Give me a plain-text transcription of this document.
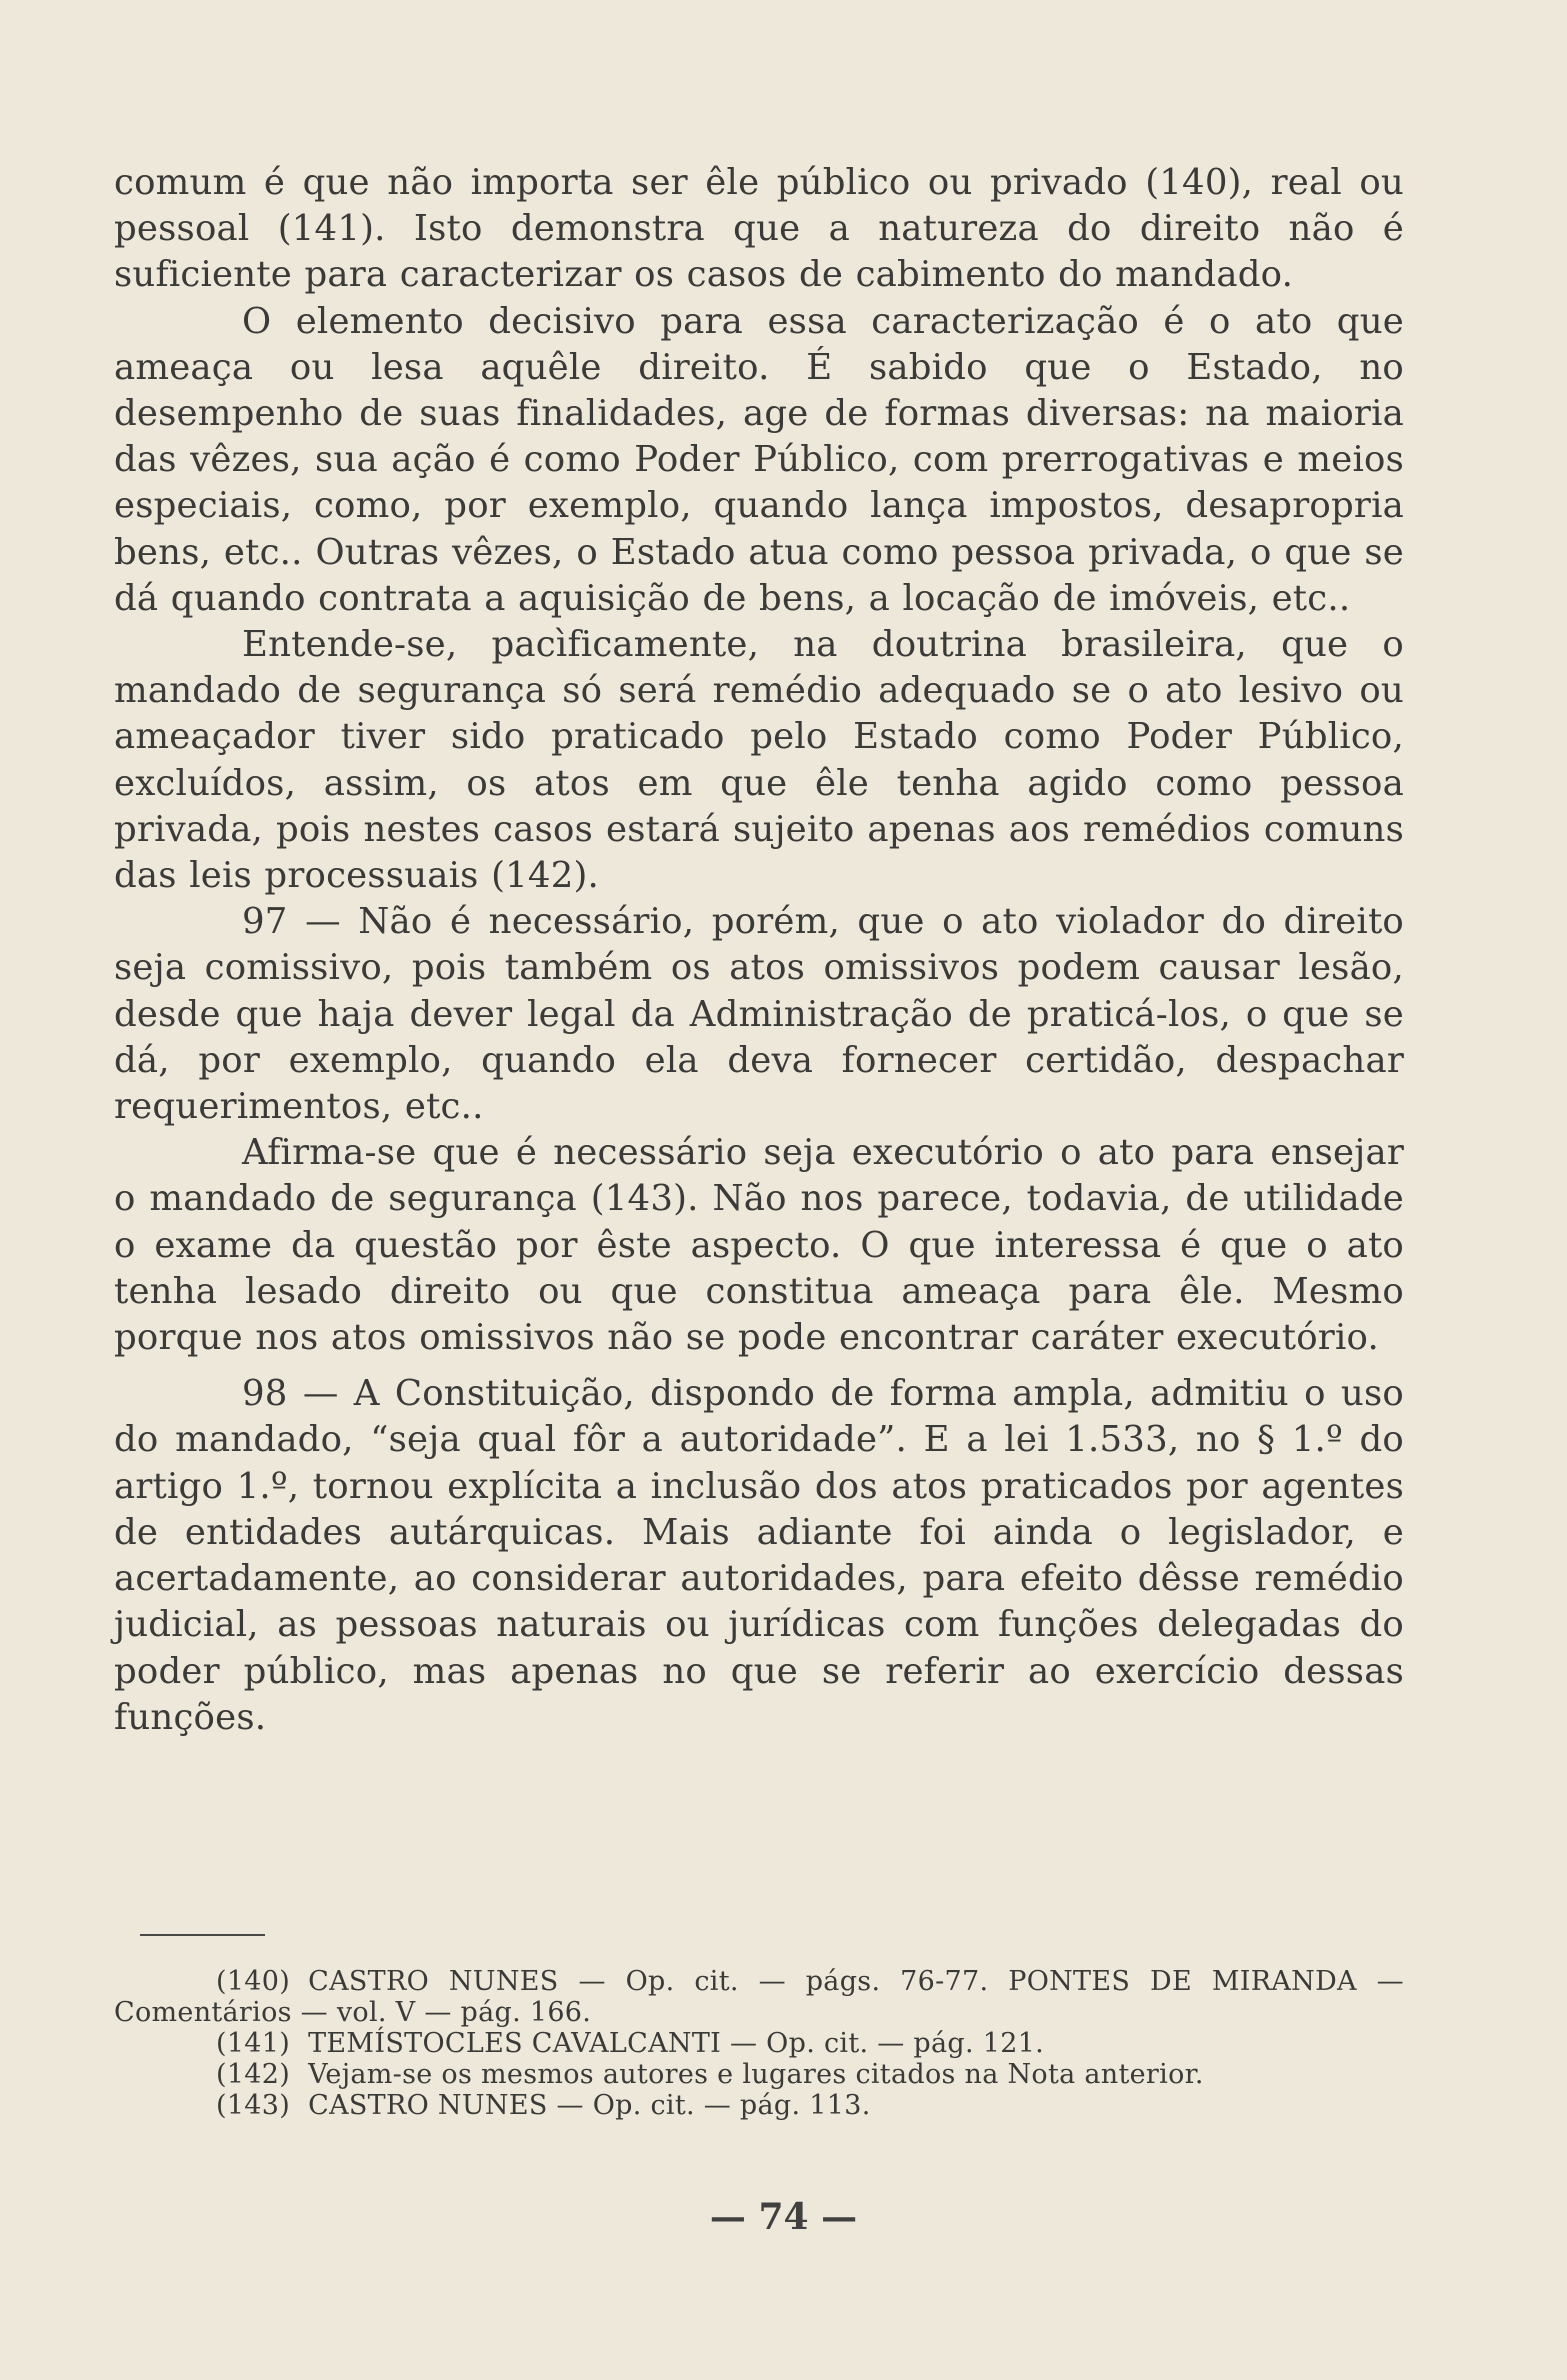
comum é que não importa ser êle público ou privado (140), real ou pessoal (141). Isto demonstra que a natureza do direito não é suficiente para caracterizar os casos de cabimento do mandado.

O elemento decisivo para essa caracterização é o ato que ameaça ou lesa aquêle direito. É sabido que o Estado, no desempenho de suas finalidades, age de formas diversas: na maioria das vêzes, sua ação é como Poder Público, com prerrogativas e meios especiais, como, por exemplo, quando lança impostos, desapropria bens, etc.. Outras vêzes, o Estado atua como pessoa privada, o que se dá quando contrata a aquisição de bens, a locação de imóveis, etc..

Entende-se, pacìficamente, na doutrina brasileira, que o mandado de segurança só será remédio adequado se o ato lesivo ou ameaçador tiver sido praticado pelo Estado como Poder Público, excluídos, assim, os atos em que êle tenha agido como pessoa privada, pois nestes casos estará sujeito apenas aos remédios comuns das leis processuais (142).

97 — Não é necessário, porém, que o ato violador do direito seja comissivo, pois também os atos omissivos podem causar lesão, desde que haja dever legal da Administração de praticá-los, o que se dá, por exemplo, quando ela deva fornecer certidão, despachar requerimentos, etc..

Afirma-se que é necessário seja executório o ato para ensejar o mandado de segurança (143). Não nos parece, todavia, de utilidade o exame da questão por êste aspecto. O que interessa é que o ato tenha lesado direito ou que constitua ameaça para êle. Mesmo porque nos atos omissivos não se pode encontrar caráter executório.

98 — A Constituição, dispondo de forma ampla, admitiu o uso do mandado, “seja qual fôr a autoridade”. E a lei 1.533, no § 1.º do artigo 1.º, tornou explícita a inclusão dos atos praticados por agentes de entidades autárquicas. Mais adiante foi ainda o legislador, e acertadamente, ao considerar autoridades, para efeito dêsse remédio judicial, as pessoas naturais ou jurídicas com funções delegadas do poder público, mas apenas no que se referir ao exercício dessas funções.

(140) CASTRO NUNES — Op. cit. — págs. 76-77. PONTES DE MIRANDA — Comentários — vol. V — pág. 166.

(141) TEMÍSTOCLES CAVALCANTI — Op. cit. — pág. 121.

(142) Vejam-se os mesmos autores e lugares citados na Nota anterior.

(143) CASTRO NUNES — Op. cit. — pág. 113.

— 74 —
